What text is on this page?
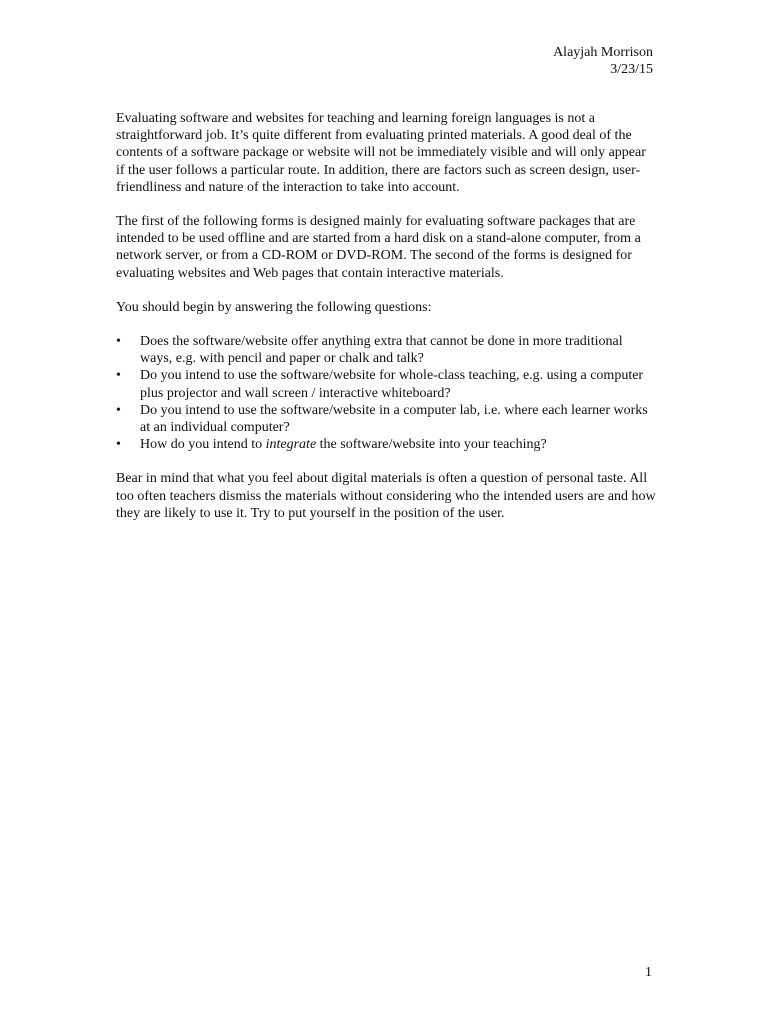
Alayjah Morrison
3/23/15

Evaluating software and websites for teaching and learning foreign languages is not a straightforward job. It’s quite different from evaluating printed materials. A good deal of the contents of a software package or website will not be immediately visible and will only appear if the user follows a particular route. In addition, there are factors such as screen design, user-friendliness and nature of the interaction to take into account.

The first of the following forms is designed mainly for evaluating software packages that are intended to be used offline and are started from a hard disk on a stand-alone computer, from a network server, or from a CD-ROM or DVD-ROM. The second of the forms is designed for evaluating websites and Web pages that contain interactive materials.

You should begin by answering the following questions:

•	Does the software/website offer anything extra that cannot be done in more traditional ways, e.g. with pencil and paper or chalk and talk?
•	Do you intend to use the software/website for whole-class teaching, e.g. using a computer plus projector and wall screen / interactive whiteboard?
•	Do you intend to use the software/website in a computer lab, i.e. where each learner works at an individual computer?
•	How do you intend to integrate the software/website into your teaching?

Bear in mind that what you feel about digital materials is often a question of personal taste. All too often teachers dismiss the materials without considering who the intended users are and how they are likely to use it. Try to put yourself in the position of the user.

1
